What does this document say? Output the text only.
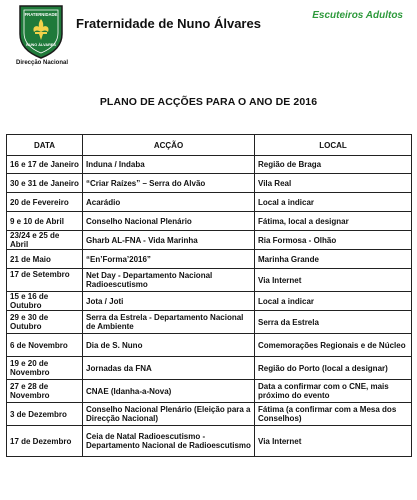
FRATERNIDADE
NUNO ÁLVARES
Fraternidade de Nuno Álvares
Direcção Nacional
Escuteiros Adultos
PLANO DE ACÇÕES PARA O ANO DE 2016
DATA	ACÇÃO	LOCAL
16 e 17 de Janeiro	Induna / Indaba	Região de Braga
30 e 31 de Janeiro	“Criar Raízes” – Serra do Alvão	Vila Real
20 de Fevereiro	Acarádio	Local a indicar
9 e 10 de Abril	Conselho Nacional Plenário	Fátima, local a designar
23/24 e 25 de Abril	Gharb AL-FNA - Vida Marinha	Ria Formosa - Olhão
21 de Maio	“En’Forma’2016”	Marinha Grande
17 de Setembro	Net Day - Departamento Nacional Radioescutismo	Via Internet
15 e 16 de Outubro	Jota / Joti	Local a indicar
29 e 30 de Outubro	Serra da Estrela - Departamento Nacional de Ambiente	Serra da Estrela
6 de Novembro	Dia de S. Nuno	Comemorações Regionais e de Núcleo
19 e 20 de Novembro	Jornadas da FNA	Região do Porto (local a designar)
27 e 28 de Novembro	CNAE (Idanha-a-Nova)	Data a confirmar com o CNE, mais próximo do evento
3 de Dezembro	Conselho Nacional Plenário (Eleição para a Direcção Nacional)	Fátima (a confirmar com a Mesa dos Conselhos)
17 de Dezembro	Ceia de Natal Radioescutismo - Departamento Nacional de Radioescutismo	Via Internet
